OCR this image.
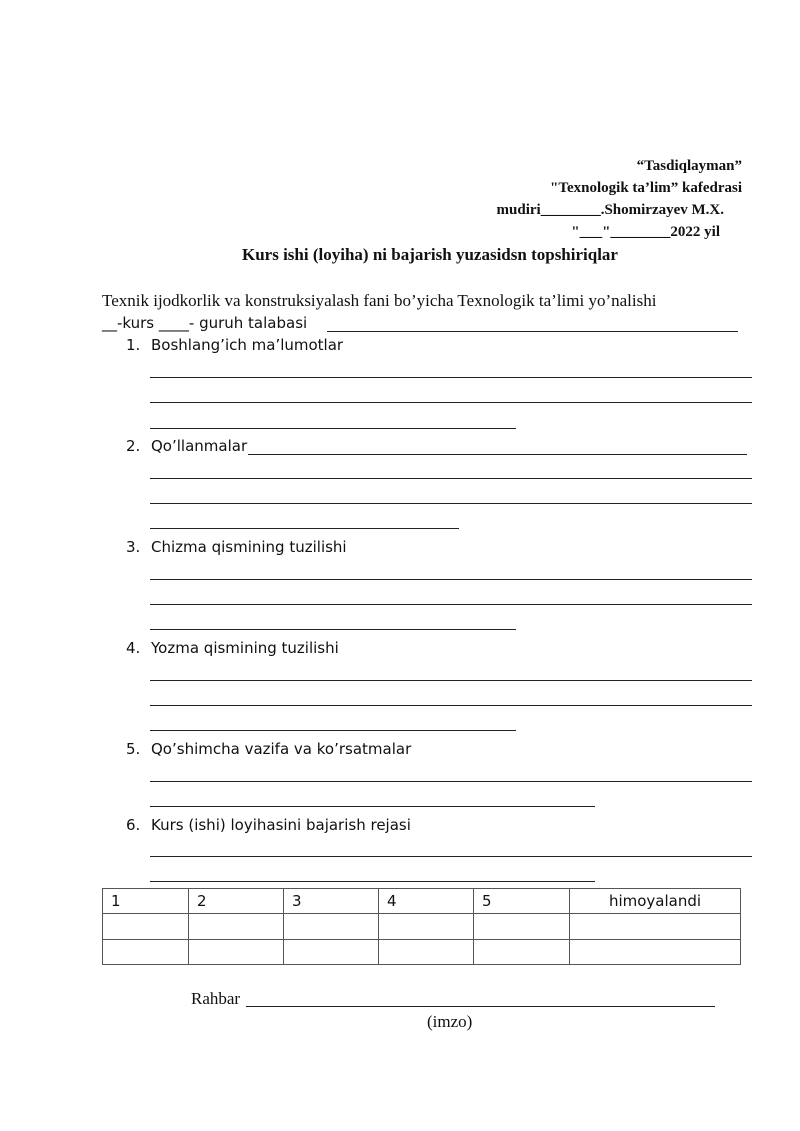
“Tasdiqlayman”
"Texnologik ta’lim” kafedrasi
mudiri________.Shomirzayev M.X.
"___"________2022 yil
Kurs ishi (loyiha) ni bajarish yuzasidsn topshiriqlar
Texnik ijodkorlik va konstruksiyalash fani bo’yicha Texnologik ta’limi yo’nalishi
__-kurs ____- guruh talabasi
1. Boshlang’ich ma’lumotlar
2. Qo’llanmalar
3. Chizma qismining tuzilishi
4. Yozma qismining tuzilishi
5. Qo’shimcha vazifa va ko’rsatmalar
6. Kurs (ishi) loyihasini bajarish rejasi
1	2	3	4	5	himoyalandi

Rahbar
(imzo)
